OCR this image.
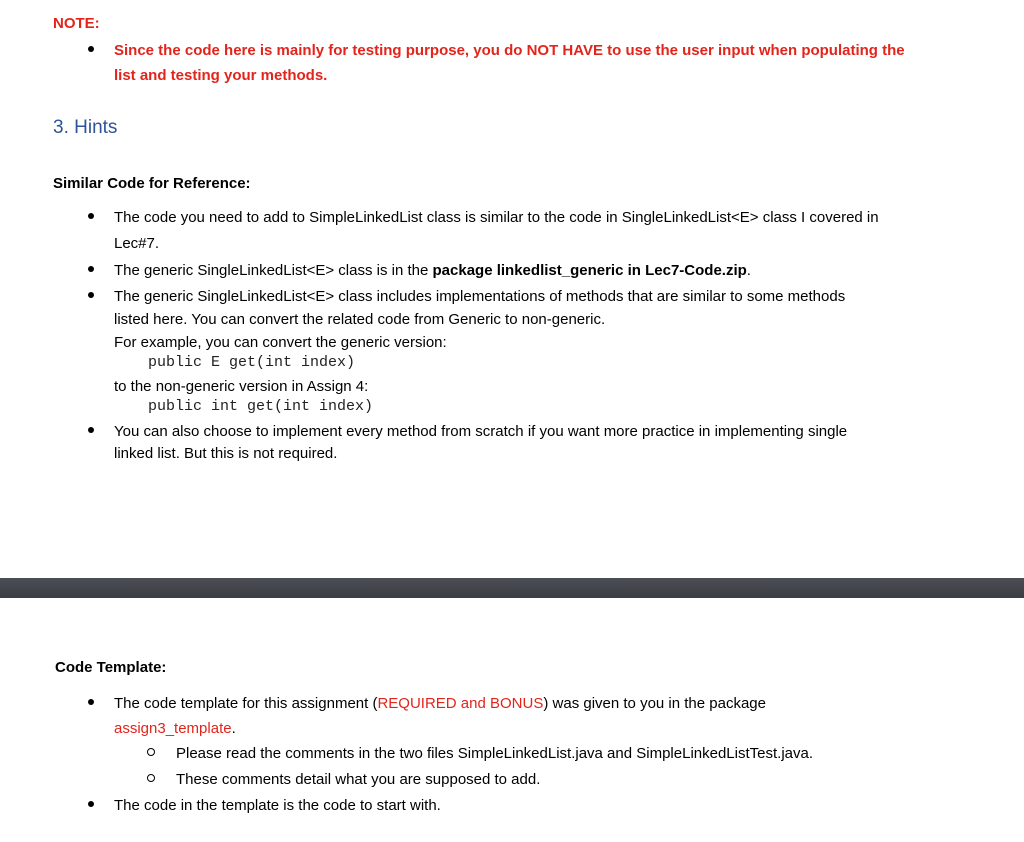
NOTE:
Since the code here is mainly for testing purpose, you do NOT HAVE to use the user input when populating the
list and testing your methods.
3. Hints
Similar Code for Reference:
The code you need to add to SimpleLinkedList class is similar to the code in SingleLinkedList<E> class I covered in
Lec#7.
The generic SingleLinkedList<E> class is in the package linkedlist_generic in Lec7-Code.zip.
The generic SingleLinkedList<E> class includes implementations of methods that are similar to some methods
listed here. You can convert the related code from Generic to non-generic.
For example, you can convert the generic version:
public E get(int index)
to the non-generic version in Assign 4:
public int get(int index)
You can also choose to implement every method from scratch if you want more practice in implementing single
linked list. But this is not required.
Code Template:
The code template for this assignment (REQUIRED and BONUS) was given to you in the package
assign3_template.
Please read the comments in the two files SimpleLinkedList.java and SimpleLinkedListTest.java.
These comments detail what you are supposed to add.
The code in the template is the code to start with.
